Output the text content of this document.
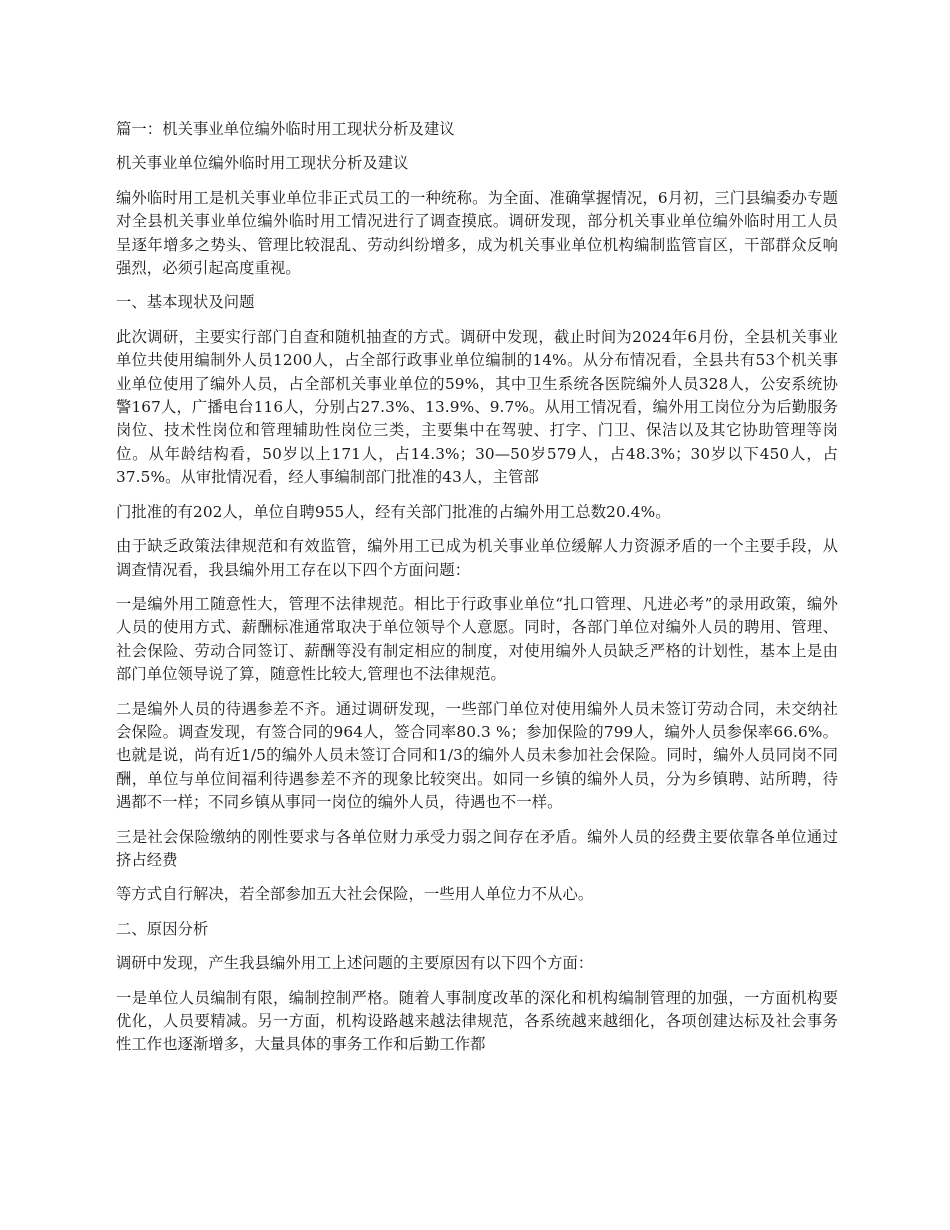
篇一：机关事业单位编外临时用工现状分析及建议

机关事业单位编外临时用工现状分析及建议

编外临时用工是机关事业单位非正式员工的一种统称。为全面、准确掌握情况，6月初，三门县编委办专题对全县机关事业单位编外临时用工情况进行了调查摸底。调研发现，部分机关事业单位编外临时用工人员呈逐年增多之势头、管理比较混乱、劳动纠纷增多，成为机关事业单位机构编制监管盲区，干部群众反响强烈，必须引起高度重视。

一、基本现状及问题

此次调研，主要实行部门自查和随机抽查的方式。调研中发现，截止时间为2024年6月份，全县机关事业单位共使用编制外人员1200人，占全部行政事业单位编制的14%。从分布情况看，全县共有53个机关事业单位使用了编外人员，占全部机关事业单位的59%，其中卫生系统各医院编外人员328人，公安系统协警167人，广播电台116人，分别占27.3%、13.9%、9.7%。从用工情况看，编外用工岗位分为后勤服务岗位、技术性岗位和管理辅助性岗位三类，主要集中在驾驶、打字、门卫、保洁以及其它协助管理等岗位。从年龄结构看，50岁以上171人，占14.3%；30—50岁579人，占48.3%；30岁以下450人，占37.5%。从审批情况看，经人事编制部门批准的43人，主管部

门批准的有202人，单位自聘955人，经有关部门批准的占编外用工总数20.4%。

由于缺乏政策法律规范和有效监管，编外用工已成为机关事业单位缓解人力资源矛盾的一个主要手段，从调查情况看，我县编外用工存在以下四个方面问题：

一是编外用工随意性大，管理不法律规范。相比于行政事业单位“扎口管理、凡进必考”的录用政策，编外人员的使用方式、薪酬标准通常取决于单位领导个人意愿。同时，各部门单位对编外人员的聘用、管理、社会保险、劳动合同签订、薪酬等没有制定相应的制度，对使用编外人员缺乏严格的计划性，基本上是由部门单位领导说了算，随意性比较大,管理也不法律规范。

二是编外人员的待遇参差不齐。通过调研发现，一些部门单位对使用编外人员未签订劳动合同，未交纳社会保险。调查发现，有签合同的964人，签合同率80.3 %；参加保险的799人，编外人员参保率66.6%。也就是说，尚有近1/5的编外人员未签订合同和1/3的编外人员未参加社会保险。同时，编外人员同岗不同酬，单位与单位间福利待遇参差不齐的现象比较突出。如同一乡镇的编外人员，分为乡镇聘、站所聘，待遇都不一样；不同乡镇从事同一岗位的编外人员，待遇也不一样。

三是社会保险缴纳的刚性要求与各单位财力承受力弱之间存在矛盾。编外人员的经费主要依靠各单位通过挤占经费

等方式自行解决，若全部参加五大社会保险，一些用人单位力不从心。

二、原因分析

调研中发现，产生我县编外用工上述问题的主要原因有以下四个方面：

一是单位人员编制有限，编制控制严格。随着人事制度改革的深化和机构编制管理的加强，一方面机构要优化，人员要精减。另一方面，机构设路越来越法律规范，各系统越来越细化，各项创建达标及社会事务性工作也逐渐增多，大量具体的事务工作和后勤工作都
